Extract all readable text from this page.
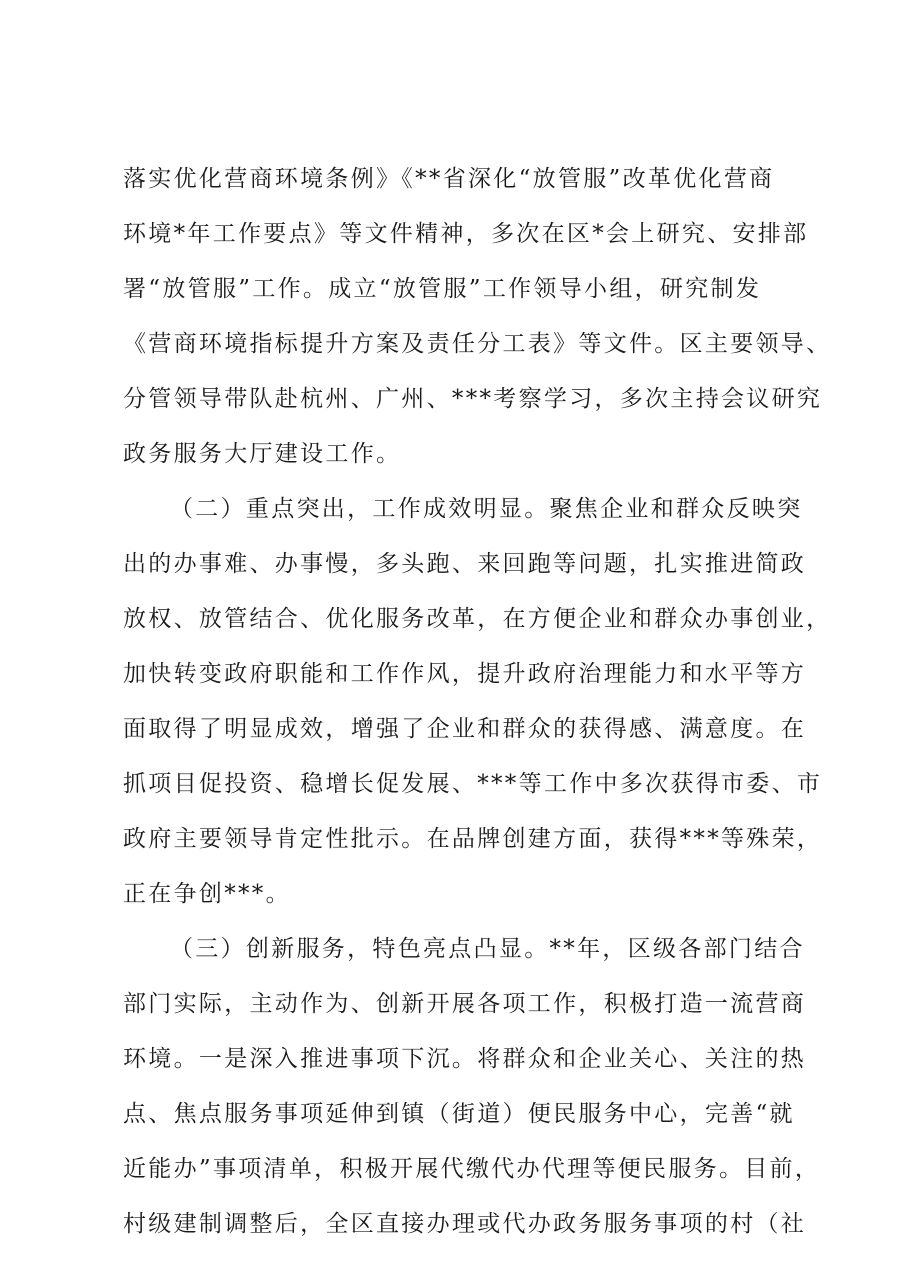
落实优化营商环境条例》《**省深化“放管服”改革优化营商
环境*年工作要点》等文件精神，多次在区*会上研究、安排部
署“放管服”工作。成立“放管服”工作领导小组，研究制发
《营商环境指标提升方案及责任分工表》等文件。区主要领导、
分管领导带队赴杭州、广州、***考察学习，多次主持会议研究
政务服务大厅建设工作。
（二）重点突出，工作成效明显。聚焦企业和群众反映突
出的办事难、办事慢，多头跑、来回跑等问题，扎实推进简政
放权、放管结合、优化服务改革，在方便企业和群众办事创业，
加快转变政府职能和工作作风，提升政府治理能力和水平等方
面取得了明显成效，增强了企业和群众的获得感、满意度。在
抓项目促投资、稳增长促发展、***等工作中多次获得市委、市
政府主要领导肯定性批示。在品牌创建方面，获得***等殊荣，
正在争创***。
（三）创新服务，特色亮点凸显。**年，区级各部门结合
部门实际，主动作为、创新开展各项工作，积极打造一流营商
环境。一是深入推进事项下沉。将群众和企业关心、关注的热
点、焦点服务事项延伸到镇（街道）便民服务中心，完善“就
近能办”事项清单，积极开展代缴代办代理等便民服务。目前，
村级建制调整后，全区直接办理或代办政务服务事项的村（社
